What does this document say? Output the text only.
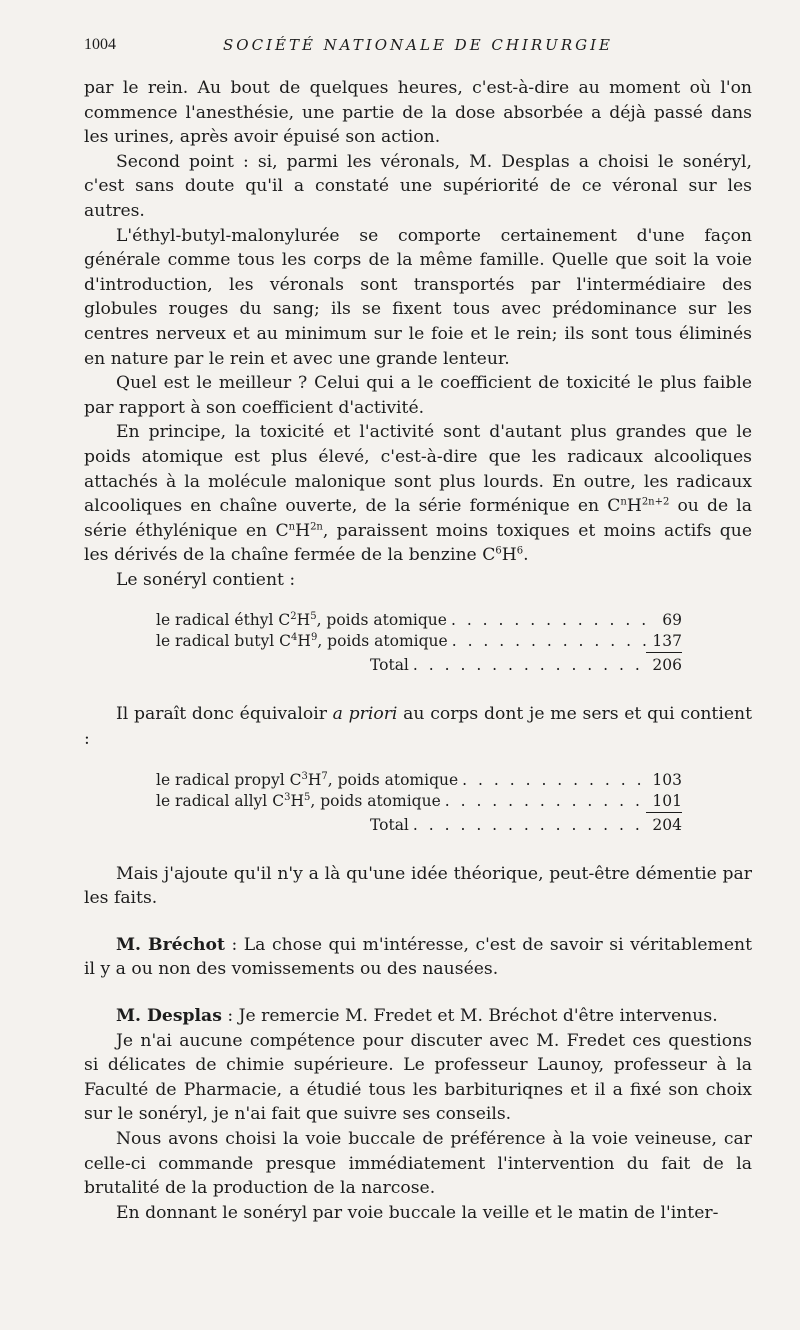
1004	SOCIÉTÉ NATIONALE DE CHIRURGIE

par le rein. Au bout de quelques heures, c'est-à-dire au moment où l'on commence l'anesthésie, une partie de la dose absorbée a déjà passé dans les urines, après avoir épuisé son action.

Second point : si, parmi les véronals, M. Desplas a choisi le sonéryl, c'est sans doute qu'il a constaté une supériorité de ce véronal sur les autres.

L'éthyl-butyl-malonylurée se comporte certainement d'une façon générale comme tous les corps de la même famille. Quelle que soit la voie d'introduction, les véronals sont transportés par l'intermédiaire des globules rouges du sang; ils se fixent tous avec prédominance sur les centres nerveux et au minimum sur le foie et le rein; ils sont tous éliminés en nature par le rein et avec une grande lenteur.

Quel est le meilleur ? Celui qui a le coefficient de toxicité le plus faible par rapport à son coefficient d'activité.

En principe, la toxicité et l'activité sont d'autant plus grandes que le poids atomique est plus élevé, c'est-à-dire que les radicaux alcooliques attachés à la molécule malonique sont plus lourds. En outre, les radicaux alcooliques en chaîne ouverte, de la série forménique en $C^nH^{2n+2}$ ou de la série éthylénique en $C^nH^{2n}$, paraissent moins toxiques et moins actifs que les dérivés de la chaîne fermée de la benzine $C^6H^6$.

Le sonéryl contient :

le radical éthyl $C^2H^5$, poids atomique . . .	69
le radical butyl $C^4H^9$, poids atomique . . .	137
Total . . .	206

Il paraît donc équivaloir a priori au corps dont je me sers et qui contient :

le radical propyl $C^3H^7$, poids atomique . . .	103
le radical allyl $C^3H^5$, poids atomique . . .	101
Total . . .	204

Mais j'ajoute qu'il n'y a là qu'une idée théorique, peut-être démentie par les faits.

M. Bréchot : La chose qui m'intéresse, c'est de savoir si véritablement il y a ou non des vomissements ou des nausées.

M. Desplas : Je remercie M. Fredet et M. Bréchot d'être intervenus.

Je n'ai aucune compétence pour discuter avec M. Fredet ces questions si délicates de chimie supérieure. Le professeur Launoy, professeur à la Faculté de Pharmacie, a étudié tous les barbituriqnes et il a fixé son choix sur le sonéryl, je n'ai fait que suivre ses conseils.

Nous avons choisi la voie buccale de préférence à la voie veineuse, car celle-ci commande presque immédiatement l'intervention du fait de la brutalité de la production de la narcose.

En donnant le sonéryl par voie buccale la veille et le matin de l'inter-
